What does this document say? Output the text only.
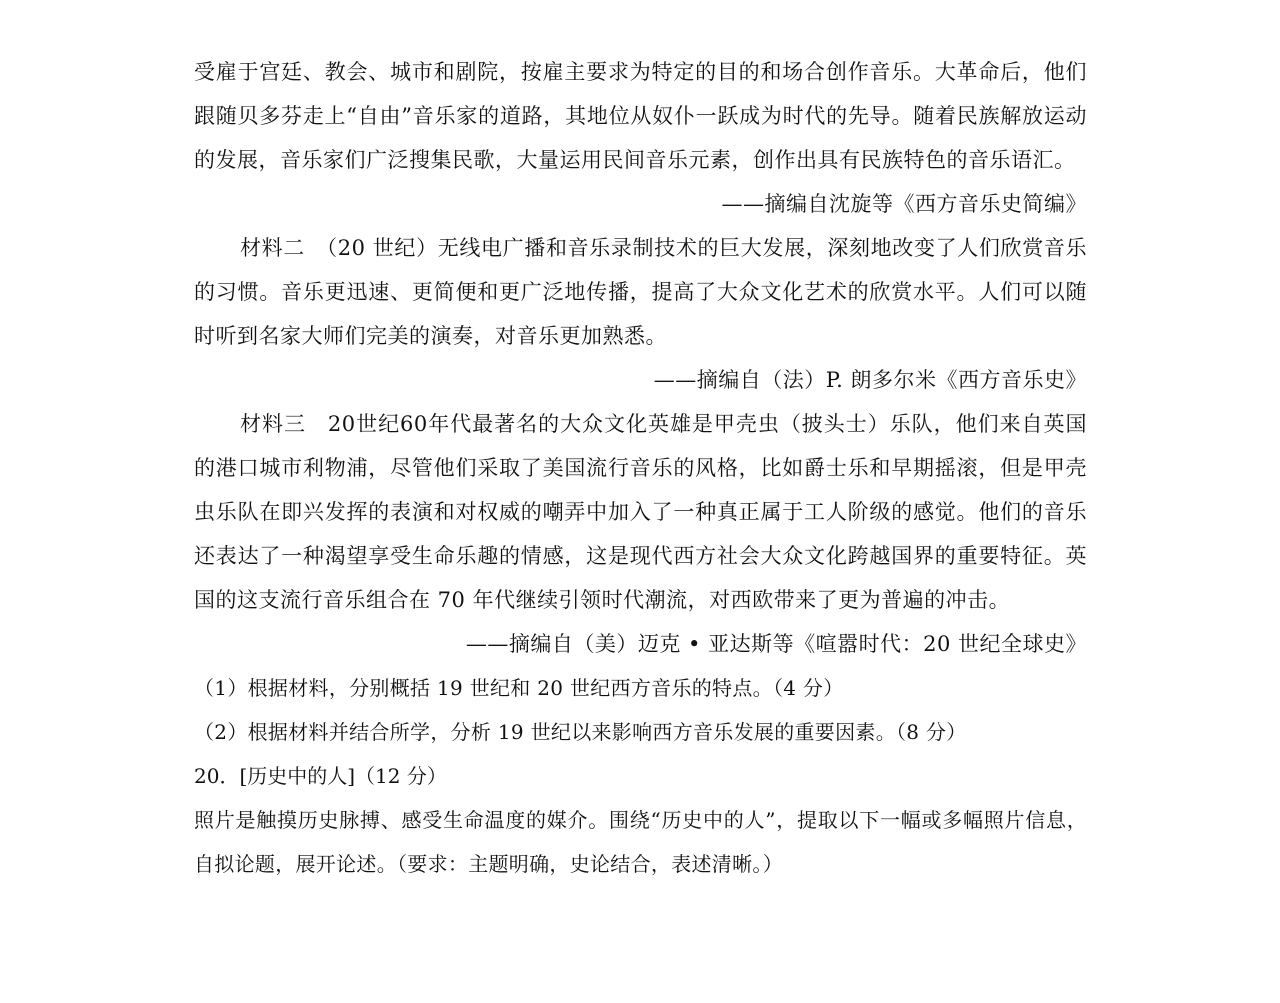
受雇于宫廷、教会、城市和剧院，按雇主要求为特定的目的和场合创作音乐。大革命后，他们跟随贝多芬走上“自由”音乐家的道路，其地位从奴仆一跃成为时代的先导。随着民族解放运动的发展，音乐家们广泛搜集民歌，大量运用民间音乐元素，创作出具有民族特色的音乐语汇。

——摘编自沈旋等《西方音乐史简编》

材料二　（20 世纪）无线电广播和音乐录制技术的巨大发展，深刻地改变了人们欣赏音乐的习惯。音乐更迅速、更简便和更广泛地传播，提高了大众文化艺术的欣赏水平。人们可以随时听到名家大师们完美的演奏，对音乐更加熟悉。

——摘编自（法）P. 朗多尔米《西方音乐史》

材料三　20世纪60年代最著名的大众文化英雄是甲壳虫（披头士）乐队，他们来自英国的港口城市利物浦，尽管他们采取了美国流行音乐的风格，比如爵士乐和早期摇滚，但是甲壳虫乐队在即兴发挥的表演和对权威的嘲弄中加入了一种真正属于工人阶级的感觉。他们的音乐还表达了一种渴望享受生命乐趣的情感，这是现代西方社会大众文化跨越国界的重要特征。英国的这支流行音乐组合在 70 年代继续引领时代潮流，对西欧带来了更为普遍的冲击。

——摘编自（美）迈克 • 亚达斯等《喧嚣时代：20 世纪全球史》

（1）根据材料，分别概括 19 世纪和 20 世纪西方音乐的特点。（4 分）

（2）根据材料并结合所学，分析 19 世纪以来影响西方音乐发展的重要因素。（8 分）

20．[历史中的人]（12 分）

照片是触摸历史脉搏、感受生命温度的媒介。围绕“历史中的人”，提取以下一幅或多幅照片信息，自拟论题，展开论述。（要求：主题明确，史论结合，表述清晰。）
